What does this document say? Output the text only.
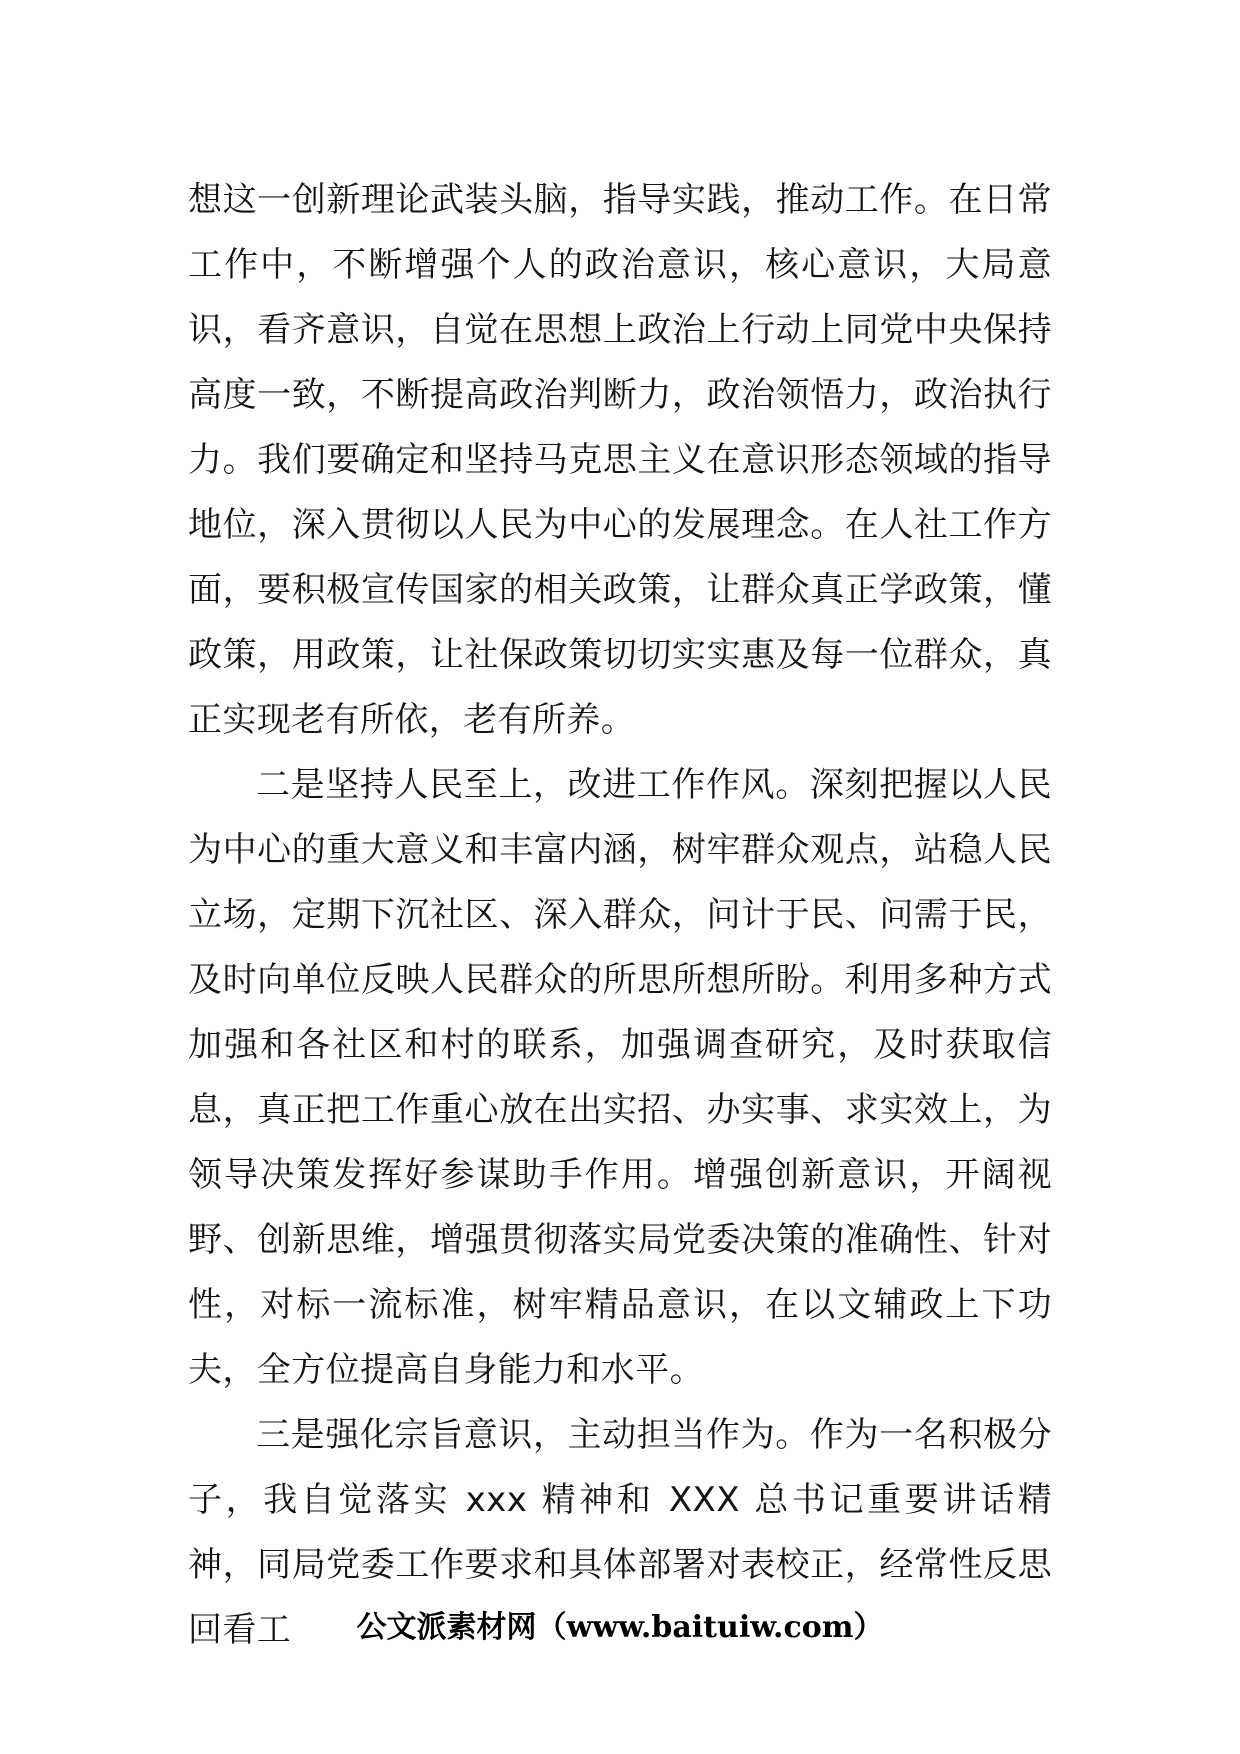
想这一创新理论武装头脑，指导实践，推动工作。在日常工作中，不断增强个人的政治意识，核心意识，大局意识，看齐意识，自觉在思想上政治上行动上同党中央保持高度一致，不断提高政治判断力，政治领悟力，政治执行力。我们要确定和坚持马克思主义在意识形态领域的指导地位，深入贯彻以人民为中心的发展理念。在人社工作方面，要积极宣传国家的相关政策，让群众真正学政策，懂政策，用政策，让社保政策切切实实惠及每一位群众，真正实现老有所依，老有所养。

二是坚持人民至上，改进工作作风。深刻把握以人民为中心的重大意义和丰富内涵，树牢群众观点，站稳人民立场，定期下沉社区、深入群众，问计于民、问需于民，及时向单位反映人民群众的所思所想所盼。利用多种方式加强和各社区和村的联系，加强调查研究，及时获取信息，真正把工作重心放在出实招、办实事、求实效上，为领导决策发挥好参谋助手作用。增强创新意识，开阔视野、创新思维，增强贯彻落实局党委决策的准确性、针对性，对标一流标准，树牢精品意识，在以文辅政上下功夫，全方位提高自身能力和水平。

三是强化宗旨意识，主动担当作为。作为一名积极分子，我自觉落实 xxx 精神和 XXX 总书记重要讲话精神，同局党委工作要求和具体部署对表校正，经常性反思回看工	公文派素材网（www.baituiw.com）
